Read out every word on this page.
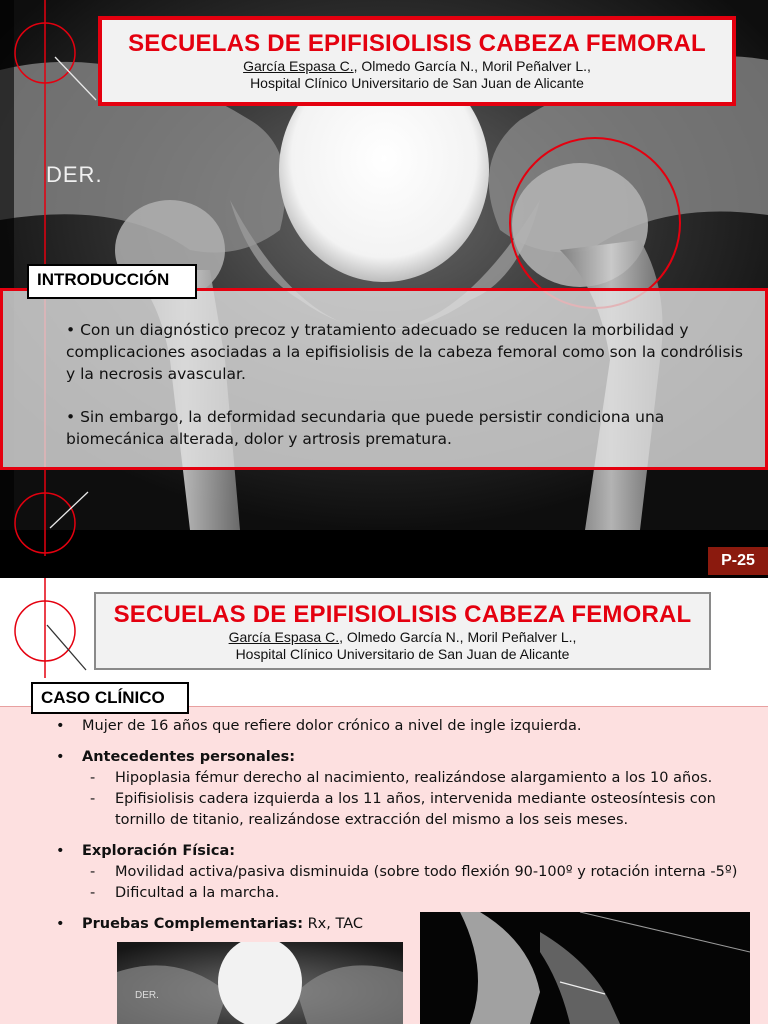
DER.
SECUELAS DE EPIFISIOLISIS CABEZA FEMORAL
García Espasa C., Olmedo García N., Moril Peñalver L.,
Hospital Clínico Universitario de San Juan de Alicante

• Con un diagnóstico precoz y tratamiento adecuado se reducen la morbilidad y complicaciones asociadas a la epifisiolisis de la cabeza femoral como son la condrólisis y la necrosis avascular.

• Sin embargo, la deformidad secundaria que puede persistir condiciona una biomecánica alterada, dolor y artrosis prematura.

INTRODUCCIÓN
P-25
SECUELAS DE EPIFISIOLISIS CABEZA FEMORAL
García Espasa C., Olmedo García N., Moril Peñalver L.,
Hospital Clínico Universitario de San Juan de Alicante
CASO CLÍNICO
• Mujer de 16 años que refiere dolor crónico a nivel de ingle izquierda.
• Antecedentes personales:
- Hipoplasia fémur derecho al nacimiento, realizándose alargamiento a los 10 años.
- Epifisiolisis cadera izquierda a los 11 años, intervenida mediante osteosíntesis con tornillo de titanio, realizándose extracción del mismo a los seis meses.
• Exploración Física:
- Movilidad activa/pasiva disminuida (sobre todo flexión 90-100º y rotación interna -5º)
- Dificultad a la marcha.
• Pruebas Complementarias: Rx, TAC
DER.
